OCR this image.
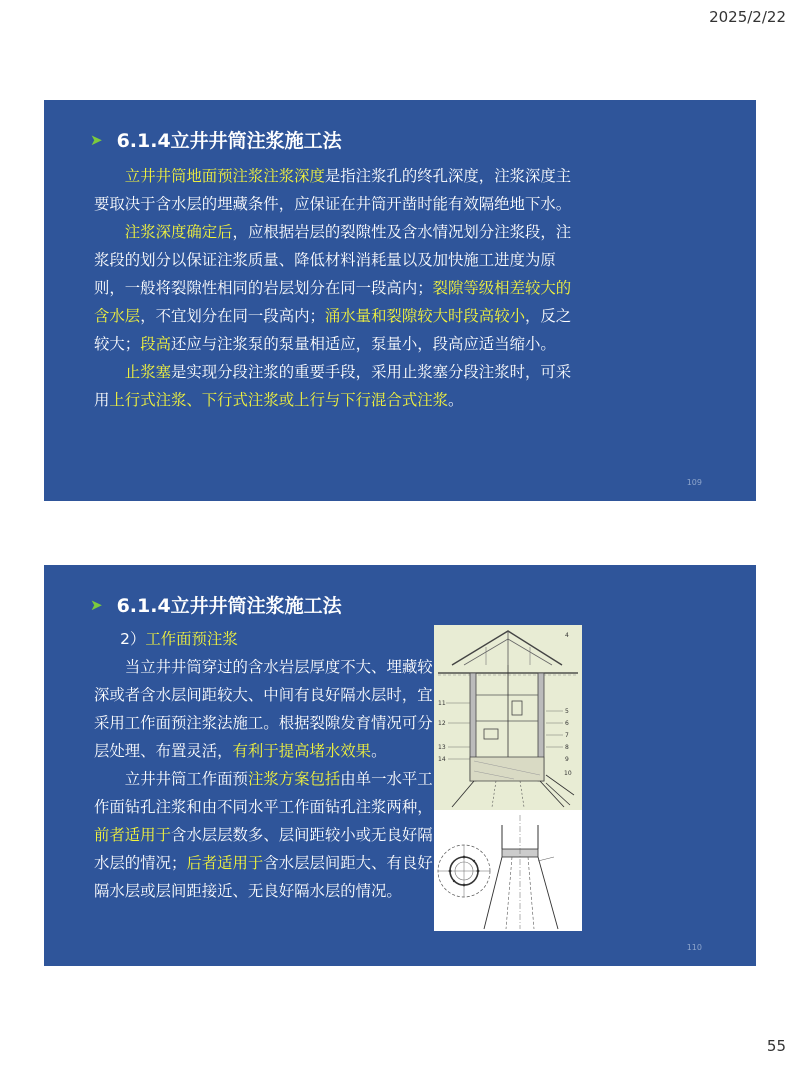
2025/2/22
➤ 6.1.4立井井筒注浆施工法

立井井筒地面预注浆注浆深度是指注浆孔的终孔深度，注浆深度主要取决于含水层的埋藏条件，应保证在井筒开凿时能有效隔绝地下水。

注浆深度确定后，应根据岩层的裂隙性及含水情况划分注浆段，注浆段的划分以保证注浆质量、降低材料消耗量以及加快施工进度为原则，一般将裂隙性相同的岩层划分在同一段高内；裂隙等级相差较大的含水层，不宜划分在同一段高内；涌水量和裂隙较大时段高较小，反之较大；段高还应与注浆泵的泵量相适应，泵量小，段高应适当缩小。

止浆塞是实现分段注浆的重要手段，采用止浆塞分段注浆时，可采用上行式注浆、下行式注浆或上行与下行混合式注浆。

109
➤ 6.1.4立井井筒注浆施工法

2）工作面预注浆

当立井井筒穿过的含水岩层厚度不大、埋藏较深或者含水层间距较大、中间有良好隔水层时，宜采用工作面预注浆法施工。根据裂隙发育情况可分层处理、布置灵活，有利于提高堵水效果。

立井井筒工作面预注浆方案包括由单一水平工作面钻孔注浆和由不同水平工作面钻孔注浆两种，前者适用于含水层层数多、层间距较小或无良好隔水层的情况；后者适用于含水层层间距大、有良好隔水层或层间距接近、无良好隔水层的情况。

4
5
6
7
8
9
10
11
12
13
14
110
55
